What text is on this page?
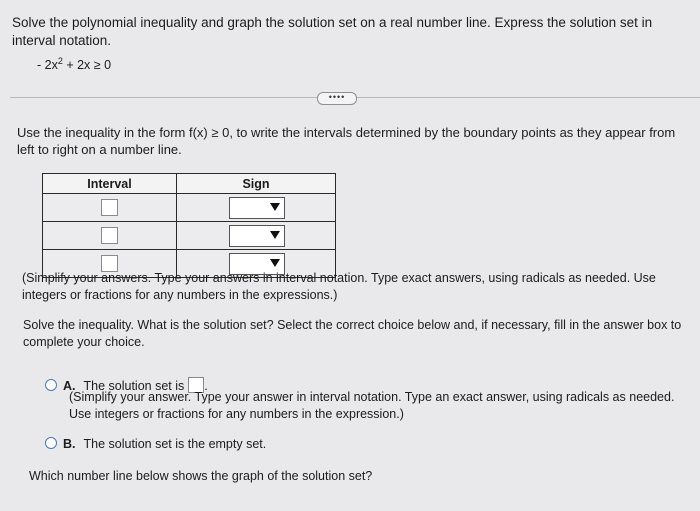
Solve the polynomial inequality and graph the solution set on a real number line. Express the solution set in interval notation.
- $2x^2 + 2x \ge 0$
••••
Use the inequality in the form f(x) ≥ 0, to write the intervals determined by the boundary points as they appear from left to right on a number line.
Interval	Sign

(Simplify your answers. Type your answers in interval notation. Type exact answers, using radicals as needed. Use integers or fractions for any numbers in the expressions.)
Solve the inequality. What is the solution set? Select the correct choice below and, if necessary, fill in the answer box to complete your choice.
A. The solution set is .
(Simplify your answer. Type your answer in interval notation. Type an exact answer, using radicals as needed. Use integers or fractions for any numbers in the expression.)
B. The solution set is the empty set.
Which number line below shows the graph of the solution set?
